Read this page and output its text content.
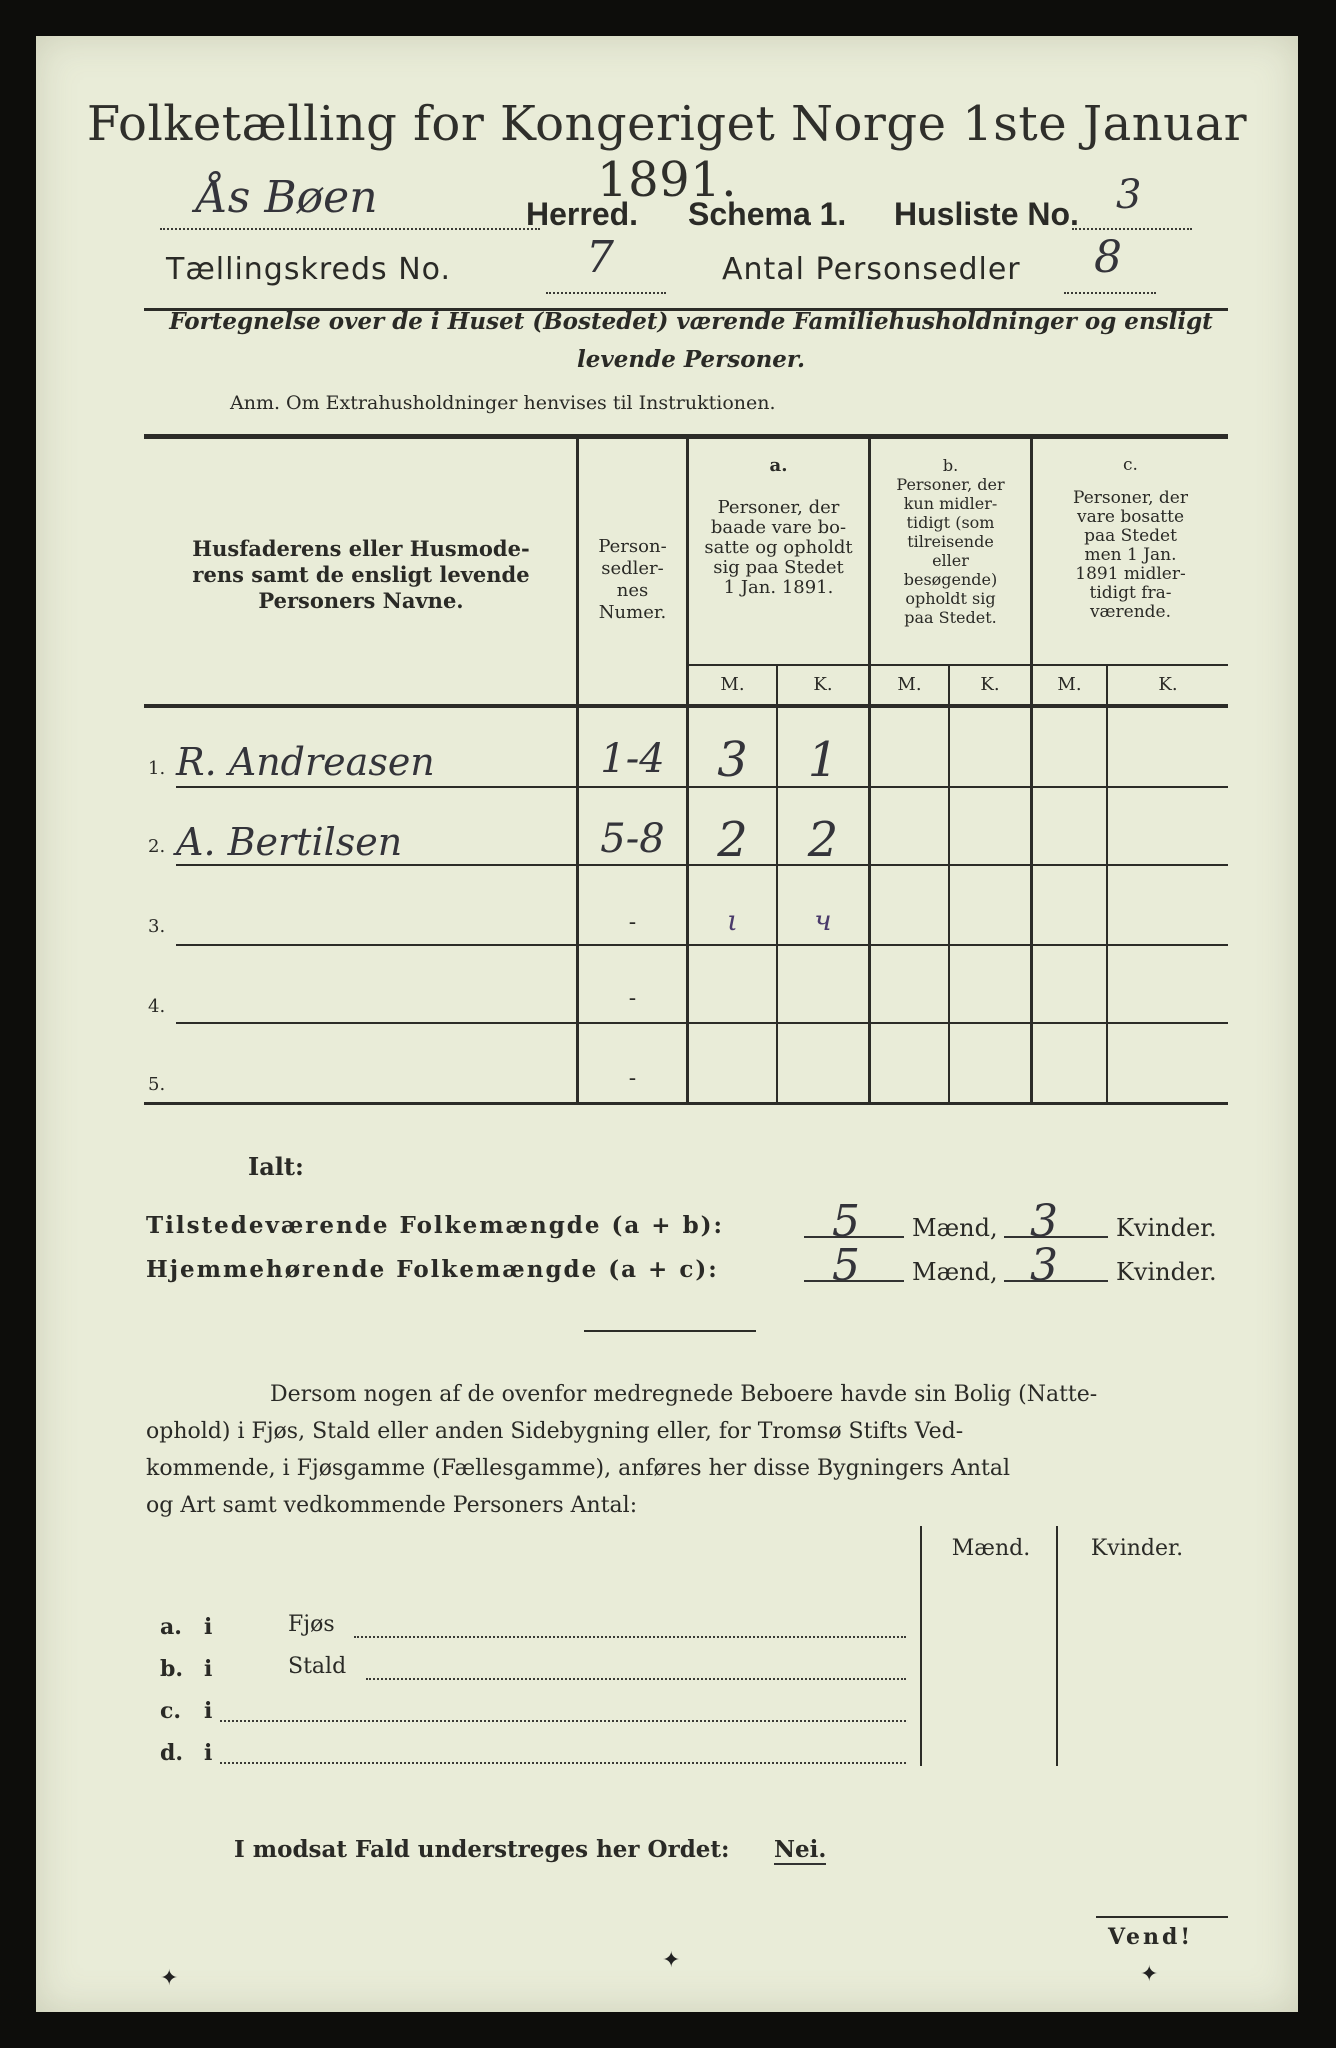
Folketælling for Kongeriget Norge 1ste Januar 1891.
Ås Bøen	Herred. Schema 1. Husliste No. 3
Tællingskreds No.	7	Antal Personsedler 8
Fortegnelse over de i Huset (Bostedet) værende Familiehusholdninger og ensligt
levende Personer.
Anm. Om Extrahusholdninger henvises til Instruktionen.
Husfaderens eller Husmode-
rens samt de ensligt levende
Personers Navne.
Person-
sedler-
nes
Numer.
a.
Personer, der
baade vare bo-
satte og opholdt
sig paa Stedet
1 Jan. 1891.
b.
Personer, der
kun midler-
tidigt (som
tilreisende
eller
besøgende)
opholdt sig
paa Stedet.
c.
Personer, der
vare bosatte
paa Stedet
men 1 Jan.
1891 midler-
tidigt fra-
værende.
M.	K.	M.	K.	M.	K.
1. R. Andreasen	1-4	3	1
2. A. Bertilsen	5-8	2	2
3.	-	ι	ч
4.	-
5.	-
Ialt:
Tilstedeværende Folkemængde (a + b): 5 Mænd, 3 Kvinder.
Hjemmehørende Folkemængde (a + c):	5 Mænd, 3 Kvinder.
Dersom nogen af de ovenfor medregnede Beboere havde sin Bolig (Natte-
ophold) i Fjøs, Stald eller anden Sidebygning eller, for Tromsø Stifts Ved-
kommende, i Fjøsgamme (Fællesgamme), anføres her disse Bygningers Antal
og Art samt vedkommende Personers Antal:
Mænd.	Kvinder.
a. i	Fjøs
b. i	Stald
c. i
d. i
I modsat Fald understreges her Ordet: Nei.
Vend!
✦
✦
✦
